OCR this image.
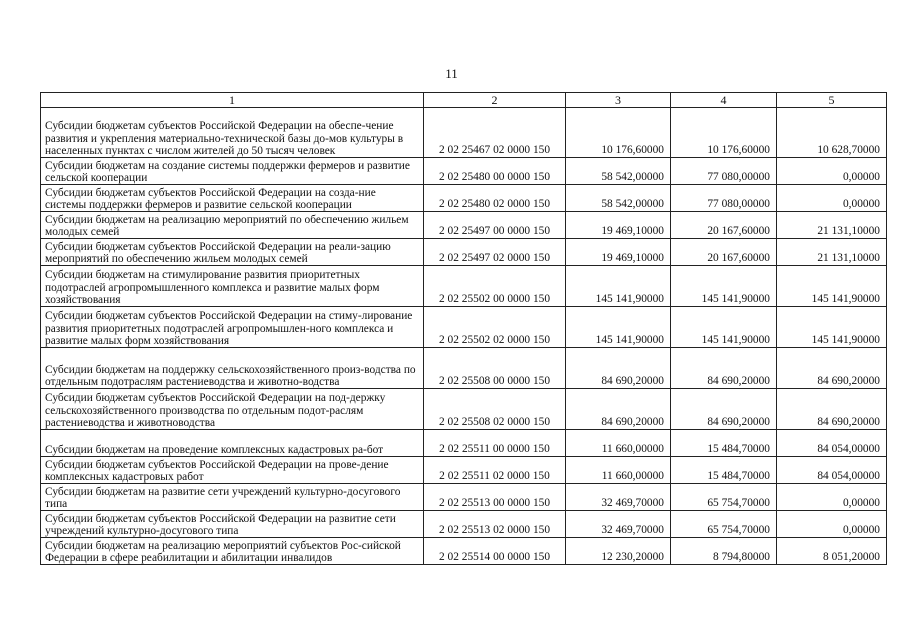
11
1	2	3	4	5
Субсидии бюджетам субъектов Российской Федерации на обеспе-чение развития и укрепления материально-технической базы до-мов культуры в населенных пунктах с числом жителей до 50 тысяч человек	2 02 25467 02 0000 150	10 176,60000	10 176,60000	10 628,70000
Субсидии бюджетам на создание системы поддержки фермеров и развитие сельской кооперации	2 02 25480 00 0000 150	58 542,00000	77 080,00000	0,00000
Субсидии бюджетам субъектов Российской Федерации на созда-ние системы поддержки фермеров и развитие сельской кооперации	2 02 25480 02 0000 150	58 542,00000	77 080,00000	0,00000
Субсидии бюджетам на реализацию мероприятий по обеспечению жильем молодых семей	2 02 25497 00 0000 150	19 469,10000	20 167,60000	21 131,10000
Субсидии бюджетам субъектов Российской Федерации на реали-зацию мероприятий по обеспечению жильем молодых семей	2 02 25497 02 0000 150	19 469,10000	20 167,60000	21 131,10000
Субсидии бюджетам на стимулирование развития приоритетных подотраслей агропромышленного комплекса и развитие малых форм хозяйствования	2 02 25502 00 0000 150	145 141,90000	145 141,90000	145 141,90000
Субсидии бюджетам субъектов Российской Федерации на стиму-лирование развития приоритетных подотраслей агропромышлен-ного комплекса и развитие малых форм хозяйствования	2 02 25502 02 0000 150	145 141,90000	145 141,90000	145 141,90000
Субсидии бюджетам на поддержку сельскохозяйственного произ-водства по отдельным подотраслям растениеводства и животно-водства	2 02 25508 00 0000 150	84 690,20000	84 690,20000	84 690,20000
Субсидии бюджетам субъектов Российской Федерации на под-держку сельскохозяйственного производства по отдельным подот-раслям растениеводства и животноводства	2 02 25508 02 0000 150	84 690,20000	84 690,20000	84 690,20000
Субсидии бюджетам на проведение комплексных кадастровых ра-бот	2 02 25511 00 0000 150	11 660,00000	15 484,70000	84 054,00000
Субсидии бюджетам субъектов Российской Федерации на прове-дение комплексных кадастровых работ	2 02 25511 02 0000 150	11 660,00000	15 484,70000	84 054,00000
Субсидии бюджетам на развитие сети учреждений культурно-досугового типа	2 02 25513 00 0000 150	32 469,70000	65 754,70000	0,00000
Субсидии бюджетам субъектов Российской Федерации на развитие сети учреждений культурно-досугового типа	2 02 25513 02 0000 150	32 469,70000	65 754,70000	0,00000
Субсидии бюджетам на реализацию мероприятий субъектов Рос-сийской Федерации в сфере реабилитации и абилитации инвалидов	2 02 25514 00 0000 150	12 230,20000	8 794,80000	8 051,20000
